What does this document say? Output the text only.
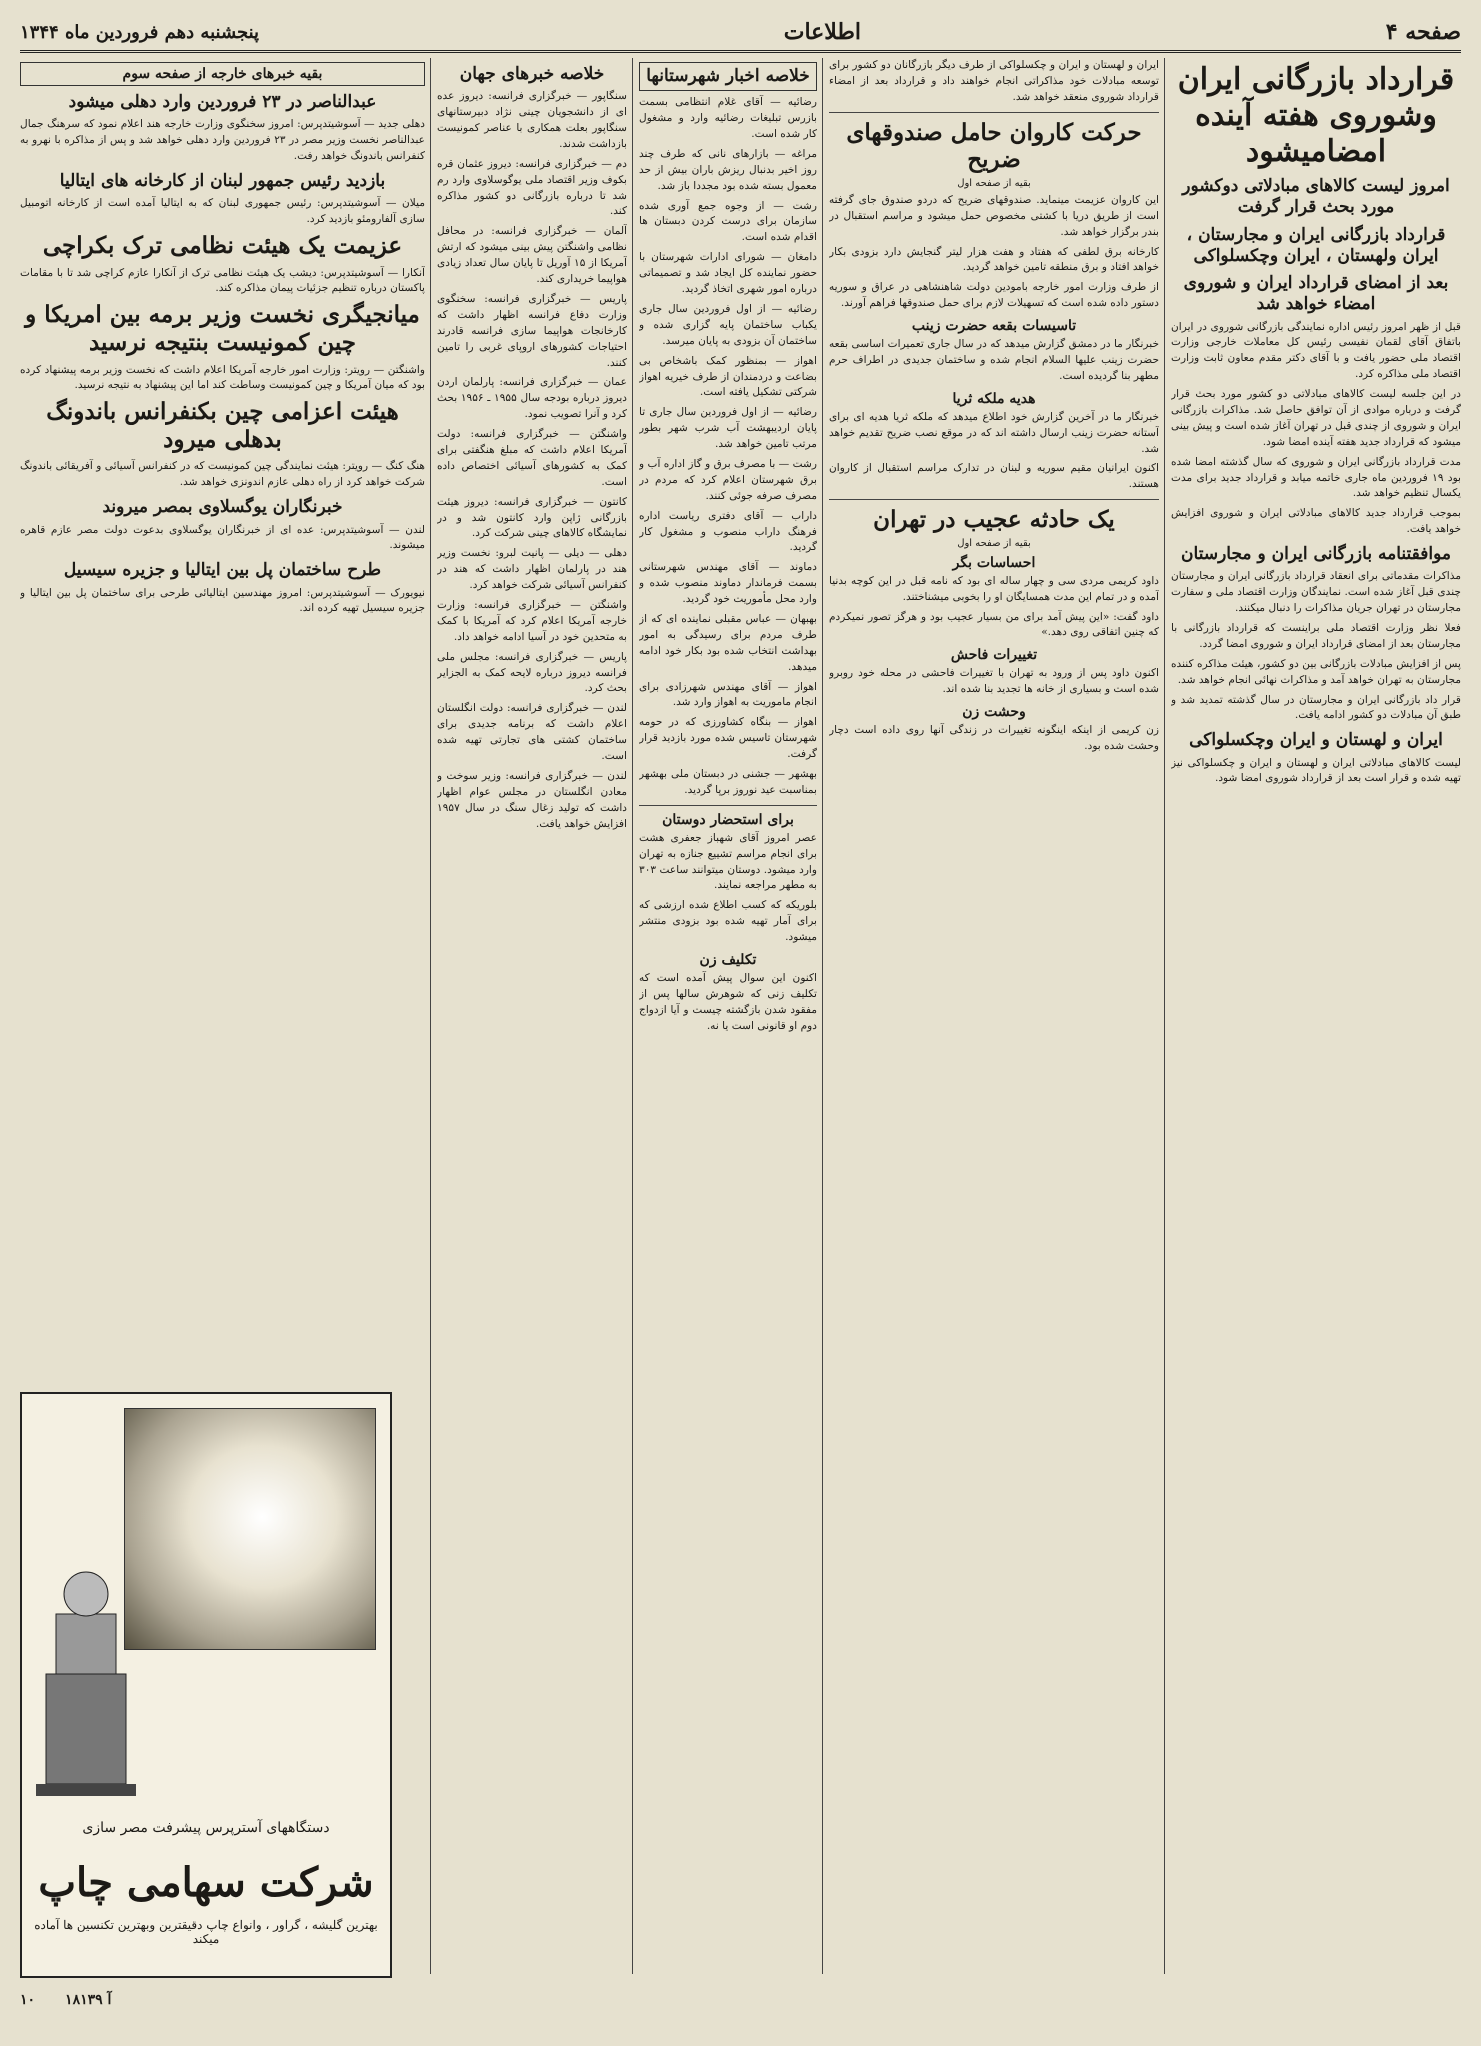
صفحه ۴
اطلاعات
پنجشنبه دهم فروردین ماه ۱۳۴۴
قرارداد بازرگانی ایران وشوروی هفته آینده امضامیشود
امروز لیست کالاهای مبادلاتی دوکشور مورد بحث قرار گرفت
قرارداد بازرگانی ایران و مجارستان ، ایران ولهستان ، ایران وچکسلواکی
بعد از امضای قرارداد ایران و شوروی امضاء خواهد شد

قبل از ظهر امروز رئیس اداره نمایندگی بازرگانی شوروی در ایران باتفاق آقای لقمان نفیسی رئیس کل معاملات خارجی وزارت اقتصاد ملی حضور یافت و با آقای دکتر مقدم معاون ثابت وزارت اقتصاد ملی مذاکره کرد.

در این جلسه لیست کالاهای مبادلاتی دو کشور مورد بحث قرار گرفت و درباره موادی از آن توافق حاصل شد. مذاکرات بازرگانی ایران و شوروی از چندی قبل در تهران آغاز شده است و پیش بینی میشود که قرارداد جدید هفته آینده امضا شود.

مدت قرارداد بازرگانی ایران و شوروی که سال گذشته امضا شده بود ۱۹ فروردین ماه جاری خاتمه میابد و قرارداد جدید برای مدت یکسال تنظیم خواهد شد.

بموجب قرارداد جدید کالاهای مبادلاتی ایران و شوروی افزایش خواهد یافت.

موافقتنامه بازرگانی ایران و مجارستان

مذاکرات مقدماتی برای انعقاد قرارداد بازرگانی ایران و مجارستان چندی قبل آغاز شده است. نمایندگان وزارت اقتصاد ملی و سفارت مجارستان در تهران جریان مذاکرات را دنبال میکنند.

فعلا نظر وزارت اقتصاد ملی براینست که قرارداد بازرگانی با مجارستان بعد از امضای قرارداد ایران و شوروی امضا گردد.

پس از افزایش مبادلات بازرگانی بین دو کشور، هیئت مذاکره کننده مجارستان به تهران خواهد آمد و مذاکرات نهائی انجام خواهد شد.

قرار داد بازرگانی ایران و مجارستان در سال گذشته تمدید شد و طبق آن مبادلات دو کشور ادامه یافت.

ایران و لهستان و ایران وچکسلواکی

لیست کالاهای مبادلاتی ایران و لهستان و ایران و چکسلواکی نیز تهیه شده و قرار است بعد از قرارداد شوروی امضا شود.

ایران و لهستان و ایران و چکسلواکی از طرف دیگر بازرگانان دو کشور برای توسعه مبادلات خود مذاکراتی انجام خواهند داد و قرارداد بعد از امضاء قرارداد شوروی منعقد خواهد شد.

حرکت کاروان حامل صندوقهای ضریح
بقیه از صفحه اول

این کاروان عزیمت مینماید. صندوقهای ضریح که دردو صندوق جای گرفته است از طریق دریا با کشتی مخصوص حمل میشود و مراسم استقبال در بندر برگزار خواهد شد.

کارخانه برق لطفی که هفتاد و هفت هزار لیتر گنجایش دارد بزودی بکار خواهد افتاد و برق منطقه تامین خواهد گردید.

از طرف وزارت امور خارجه بامودین دولت شاهنشاهی در عراق و سوریه دستور داده شده است که تسهیلات لازم برای حمل صندوقها فراهم آورند.

تاسیسات بقعه حضرت زینب

خبرنگار ما در دمشق گزارش میدهد که در سال جاری تعمیرات اساسی بقعه حضرت زینب علیها السلام انجام شده و ساختمان جدیدی در اطراف حرم مطهر بنا گردیده است.

هدیه ملکه ثریا

خبرنگار ما در آخرین گزارش خود اطلاع میدهد که ملکه ثریا هدیه ای برای آستانه حضرت زینب ارسال داشته اند که در موقع نصب ضریح تقدیم خواهد شد.

اکنون ایرانیان مقیم سوریه و لبنان در تدارک مراسم استقبال از کاروان هستند.

یک حادثه عجیب در تهران
بقیه از صفحه اول
احساسات بگر

داود کریمی مردی سی و چهار ساله ای بود که نامه قبل در این کوچه بدنیا آمده و در تمام این مدت همسایگان او را بخوبی میشناختند.

داود گفت: «این پیش آمد برای من بسیار عجیب بود و هرگز تصور نمیکردم که چنین اتفاقی روی دهد.»

تغییرات فاحش

اکنون داود پس از ورود به تهران با تغییرات فاحشی در محله خود روبرو شده است و بسیاری از خانه ها تجدید بنا شده اند.

وحشت زن

زن کریمی از اینکه اینگونه تغییرات در زندگی آنها روی داده است دچار وحشت شده بود.

خلاصه اخبار شهرستانها

رضائیه — آقای غلام انتظامی بسمت بازرس تبلیغات رضائیه وارد و مشغول کار شده است.

مراغه — بازارهای نانی که طرف چند روز اخیر بدنبال ریزش باران بیش از حد معمول بسته شده بود مجددا باز شد.

رشت — از وجوه جمع آوری شده سازمان برای درست کردن دبستان ها اقدام شده است.

دامغان — شورای ادارات شهرستان با حضور نماینده کل ایجاد شد و تصمیماتی درباره امور شهری اتخاذ گردید.

رضائیه — از اول فروردین سال جاری یکباب ساختمان پایه گزاری شده و ساختمان آن بزودی به پایان میرسد.

اهواز — بمنظور کمک باشخاص بی بضاعت و دردمندان از طرف خیریه اهواز شرکتی تشکیل یافته است.

رضائیه — از اول فروردین سال جاری تا پایان اردیبهشت آب شرب شهر بطور مرتب تامین خواهد شد.

رشت — با مصرف برق و گاز اداره آب و برق شهرستان اعلام کرد که مردم در مصرف صرفه جوئی کنند.

داراب — آقای دفتری ریاست اداره فرهنگ داراب منصوب و مشغول کار گردید.

دماوند — آقای مهندس شهرستانی بسمت فرماندار دماوند منصوب شده و وارد محل مأموریت خود گردید.

بهبهان — عباس مقبلی نماینده ای که از طرف مردم برای رسیدگی به امور بهداشت انتخاب شده بود بکار خود ادامه میدهد.

اهواز — آقای مهندس شهرزادی برای انجام ماموریت به اهواز وارد شد.

اهواز — بنگاه کشاورزی که در حومه شهرستان تاسیس شده مورد بازدید قرار گرفت.

بهشهر — جشنی در دبستان ملی بهشهر بمناسبت عید نوروز برپا گردید.

برای استحضار دوستان

عصر امروز آقای شهباز جعفری هشت برای انجام مراسم تشییع جنازه به تهران وارد میشود. دوستان میتوانند ساعت ۳۰۳ به مطهر مراجعه نمایند.

بلوریکه که کسب اطلاع شده ارزشی که برای آمار تهیه شده بود بزودی منتشر میشود.

تکلیف زن

اکنون این سوال پیش آمده است که تکلیف زنی که شوهرش سالها پس از مفقود شدن بازگشته چیست و آیا ازدواج دوم او قانونی است یا نه.

خلاصه خبرهای جهان

سنگاپور — خبرگزاری فرانسه: دیروز عده ای از دانشجویان چینی نژاد دبیرستانهای سنگاپور بعلت همکاری با عناصر کمونیست بازداشت شدند.

دم — خبرگزاری فرانسه: دیروز عثمان قره بکوف وزیر اقتصاد ملی یوگوسلاوی وارد رم شد تا درباره بازرگانی دو کشور مذاکره کند.

آلمان — خبرگزاری فرانسه: در محافل نظامی واشنگتن پیش بینی میشود که ارتش آمریکا از ۱۵ آوریل تا پایان سال تعداد زیادی هواپیما خریداری کند.

پاریس — خبرگزاری فرانسه: سخنگوی وزارت دفاع فرانسه اظهار داشت که کارخانجات هواپیما سازی فرانسه قادرند احتیاجات کشورهای اروپای غربی را تامین کنند.

عمان — خبرگزاری فرانسه: پارلمان اردن دیروز درباره بودجه سال ۱۹۵۵ ـ ۱۹۵۶ بحث کرد و آنرا تصویب نمود.

واشنگتن — خبرگزاری فرانسه: دولت آمریکا اعلام داشت که مبلغ هنگفتی برای کمک به کشورهای آسیائی اختصاص داده است.

کانتون — خبرگزاری فرانسه: دیروز هیئت بازرگانی ژاپن وارد کانتون شد و در نمایشگاه کالاهای چینی شرکت کرد.

دهلی — دیلی — پانیت لبرو: نخست وزیر هند در پارلمان اظهار داشت که هند در کنفرانس آسیائی شرکت خواهد کرد.

واشنگتن — خبرگزاری فرانسه: وزارت خارجه آمریکا اعلام کرد که آمریکا با کمک به متحدین خود در آسیا ادامه خواهد داد.

پاریس — خبرگزاری فرانسه: مجلس ملی فرانسه دیروز درباره لایحه کمک به الجزایر بحث کرد.

لندن — خبرگزاری فرانسه: دولت انگلستان اعلام داشت که برنامه جدیدی برای ساختمان کشتی های تجارتی تهیه شده است.

لندن — خبرگزاری فرانسه: وزیر سوخت و معادن انگلستان در مجلس عوام اظهار داشت که تولید زغال سنگ در سال ۱۹۵۷ افزایش خواهد یافت.

بقیه خبرهای خارجه از صفحه سوم
عبدالناصر در ۲۳ فروردین وارد دهلی میشود

دهلی جدید — آسوشیتدپرس: امروز سخنگوی وزارت خارجه هند اعلام نمود که سرهنگ جمال عبدالناصر نخست وزیر مصر در ۲۳ فروردین وارد دهلی خواهد شد و پس از مذاکره با نهرو به کنفرانس باندونگ خواهد رفت.

بازدید رئیس جمهور لبنان از کارخانه های ایتالیا

میلان — آسوشیتدپرس: رئیس جمهوری لبنان که به ایتالیا آمده است از کارخانه اتومبیل سازی آلفارومئو بازدید کرد.

عزیمت یک هیئت نظامی ترک بکراچی

آنکارا — آسوشیتدپرس: دیشب یک هیئت نظامی ترک از آنکارا عازم کراچی شد تا با مقامات پاکستان درباره تنظیم جزئیات پیمان مذاکره کند.

میانجیگری نخست وزیر برمه بین امریکا و چین کمونیست بنتیجه نرسید

واشنگتن — رویتر: وزارت امور خارجه آمریکا اعلام داشت که نخست وزیر برمه پیشنهاد کرده بود که میان آمریکا و چین کمونیست وساطت کند اما این پیشنهاد به نتیجه نرسید.

هیئت اعزامی چین بکنفرانس باندونگ بدهلی میرود

هنگ کنگ — رویتر: هیئت نمایندگی چین کمونیست که در کنفرانس آسیائی و آفریقائی باندونگ شرکت خواهد کرد از راه دهلی عازم اندونزی خواهد شد.

خبرنگاران یوگسلاوی بمصر میروند

لندن — آسوشیتدپرس: عده ای از خبرنگاران یوگسلاوی بدعوت دولت مصر عازم قاهره میشوند.

طرح ساختمان پل بین ایتالیا و جزیره سیسیل

نیویورک — آسوشیتدپرس: امروز مهندسین ایتالیائی طرحی برای ساختمان پل بین ایتالیا و جزیره سیسیل تهیه کرده اند.

دستگاههای آسترپرس پیشرفت مصر سازی
شرکت سهامی چاپ
بهترین گلیشه ، گراور ، وانواع چاپ دقیقترین وبهترین تکنسین ها آماده میکند
۱۰ آ ۱۸۱۳۹
